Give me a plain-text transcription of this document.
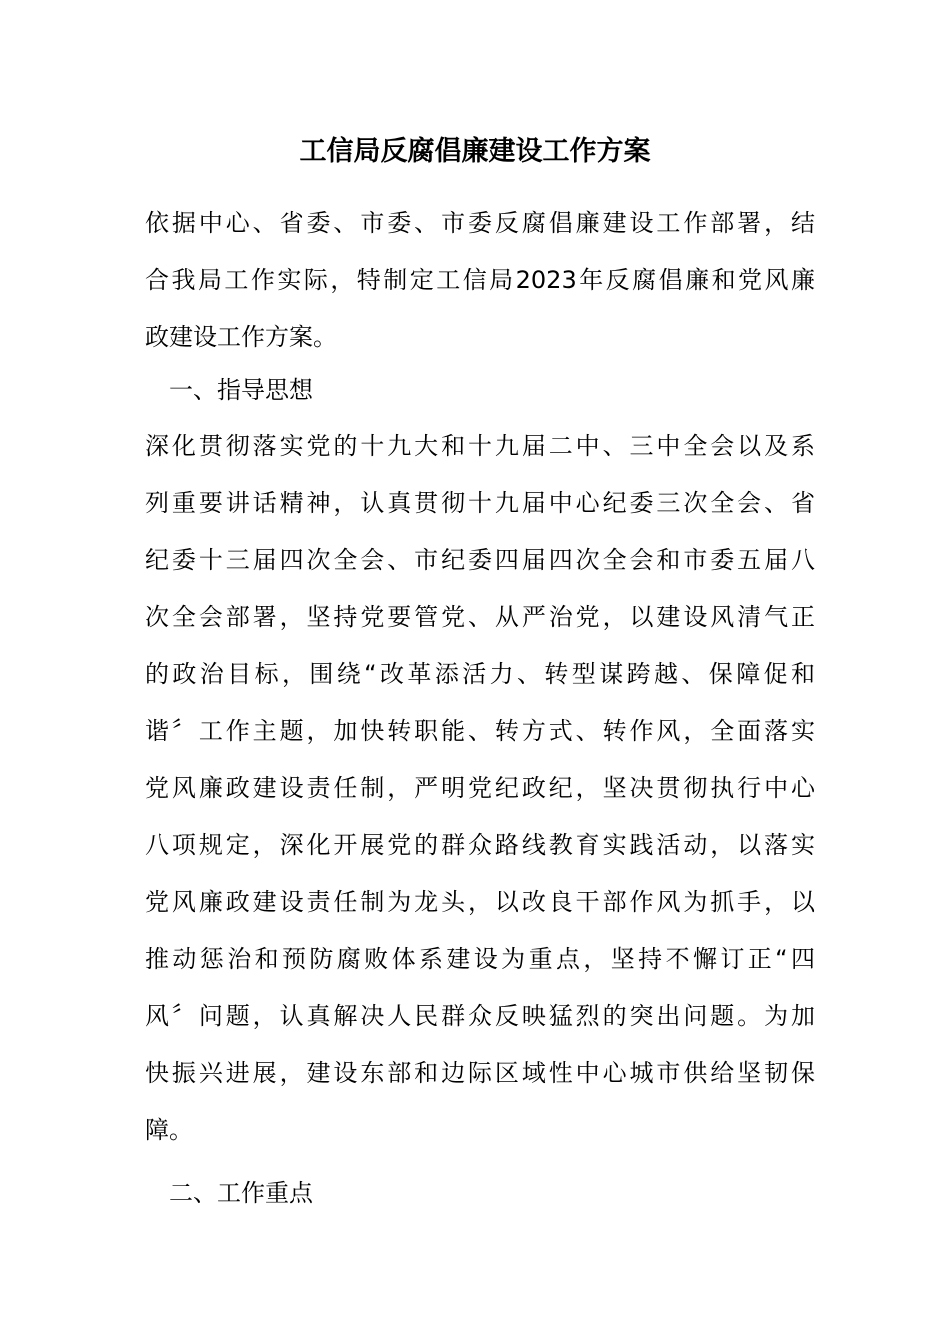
工信局反腐倡廉建设工作方案
依据中心、省委、市委、市委反腐倡廉建设工作部署，结
合我局工作实际，特制定工信局2023年反腐倡廉和党风廉
政建设工作方案。
一、指导思想
深化贯彻落实党的十九大和十九届二中、三中全会以及系
列重要讲话精神，认真贯彻十九届中心纪委三次全会、省
纪委十三届四次全会、市纪委四届四次全会和市委五届八
次全会部署，坚持党要管党、从严治党，以建设风清气正
的政治目标，围绕“改革添活力、转型谋跨越、保障促和
谐〞工作主题，加快转职能、转方式、转作风，全面落实
党风廉政建设责任制，严明党纪政纪，坚决贯彻执行中心
八项规定，深化开展党的群众路线教育实践活动，以落实
党风廉政建设责任制为龙头，以改良干部作风为抓手，以
推动惩治和预防腐败体系建设为重点，坚持不懈订正“四
风〞问题，认真解决人民群众反映猛烈的突出问题。为加
快振兴进展，建设东部和边际区域性中心城市供给坚韧保
障。
二、工作重点
